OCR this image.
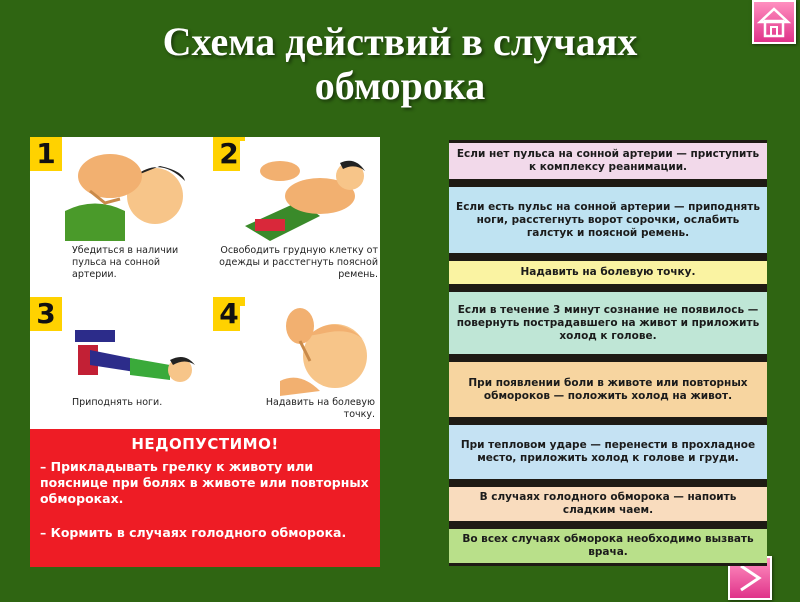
Схема действий в случаях
обморока
1
Убедиться в наличии пульса на сонной артерии.
2
Освободить грудную клетку от одежды и расстегнуть поясной ремень.
3
Приподнять ноги.
4
Надавить на болевую точку.
НЕДОПУСТИМО!
– Прикладывать грелку к животу или пояснице при болях в животе или повторных обмороках.
– Кормить в случаях голодного обморока.
Если нет пульса на сонной артерии — приступить к комплексу реанимации.
Если есть пульс на сонной артерии — приподнять ноги, расстегнуть ворот сорочки, ослабить галстук и поясной ремень.
Надавить на болевую точку.
Если в течение 3 минут сознание не появилось — повернуть пострадавшего на живот и приложить холод к голове.
При появлении боли в животе или повторных обмороков — положить холод на живот.
При тепловом ударе — перенести в прохладное место, приложить холод к голове и груди.
В случаях голодного обморока — напоить сладким чаем.
Во всех случаях обморока необходимо вызвать врача.
